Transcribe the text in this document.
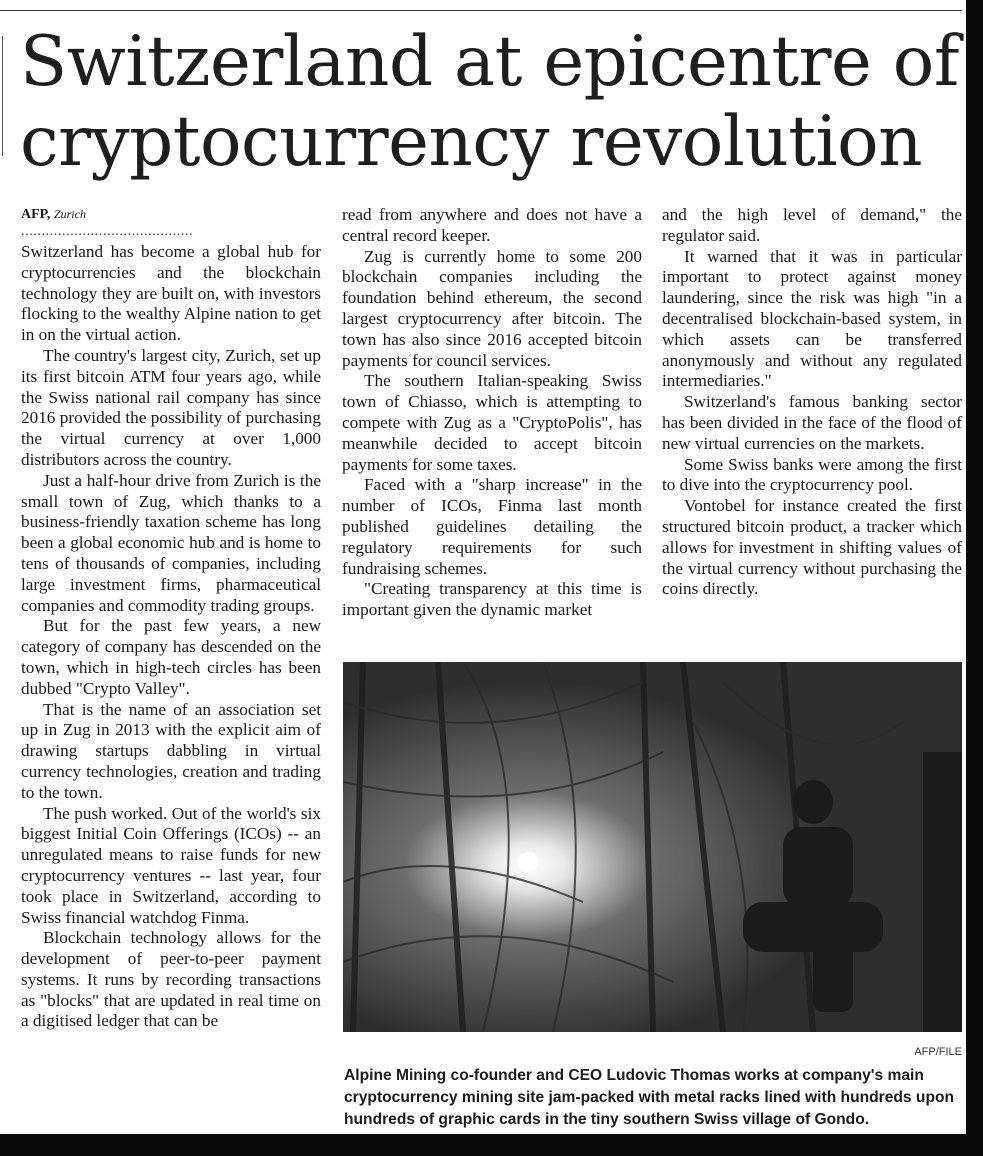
Switzerland at epicentre of
cryptocurrency revolution

AFP, Zurich

..........................................

Switzerland has become a global hub for cryptocurrencies and the blockchain technology they are built on, with investors flocking to the wealthy Alpine nation to get in on the virtual action.

The country's largest city, Zurich, set up its first bitcoin ATM four years ago, while the Swiss national rail company has since 2016 provided the possibility of purchasing the virtual currency at over 1,000 distributors across the country.

Just a half-hour drive from Zurich is the small town of Zug, which thanks to a business-friendly taxation scheme has long been a global economic hub and is home to tens of thousands of companies, including large investment firms, pharmaceutical companies and commodity trading groups.

But for the past few years, a new category of company has descended on the town, which in high-tech circles has been dubbed "Crypto Valley".

That is the name of an association set up in Zug in 2013 with the explicit aim of drawing startups dabbling in virtual currency technologies, creation and trading to the town.

The push worked. Out of the world's six biggest Initial Coin Offerings (ICOs) -- an unregulated means to raise funds for new cryptocurrency ventures -- last year, four took place in Switzerland, according to Swiss financial watchdog Finma.

Blockchain technology allows for the development of peer-to-peer payment systems. It runs by recording transactions as "blocks" that are updated in real time on a digitised ledger that can be

read from anywhere and does not have a central record keeper.

Zug is currently home to some 200 blockchain companies including the foundation behind ethereum, the second largest cryptocurrency after bitcoin. The town has also since 2016 accepted bitcoin payments for council services.

The southern Italian-speaking Swiss town of Chiasso, which is attempting to compete with Zug as a "CryptoPolis", has meanwhile decided to accept bitcoin payments for some taxes.

Faced with a "sharp increase" in the number of ICOs, Finma last month published guidelines detailing the regulatory requirements for such fundraising schemes.

"Creating transparency at this time is important given the dynamic market

and the high level of demand," the regulator said.

It warned that it was in particular important to protect against money laundering, since the risk was high "in a decentralised blockchain-based system, in which assets can be transferred anonymously and without any regulated intermediaries."

Switzerland's famous banking sector has been divided in the face of the flood of new virtual currencies on the markets.

Some Swiss banks were among the first to dive into the cryptocurrency pool.

Vontobel for instance created the first structured bitcoin product, a tracker which allows for investment in shifting values of the virtual currency without purchasing the coins directly.

AFP/FILE

Alpine Mining co-founder and CEO Ludovic Thomas works at company's main cryptocurrency mining site jam-packed with metal racks lined with hundreds upon hundreds of graphic cards in the tiny southern Swiss village of Gondo.
